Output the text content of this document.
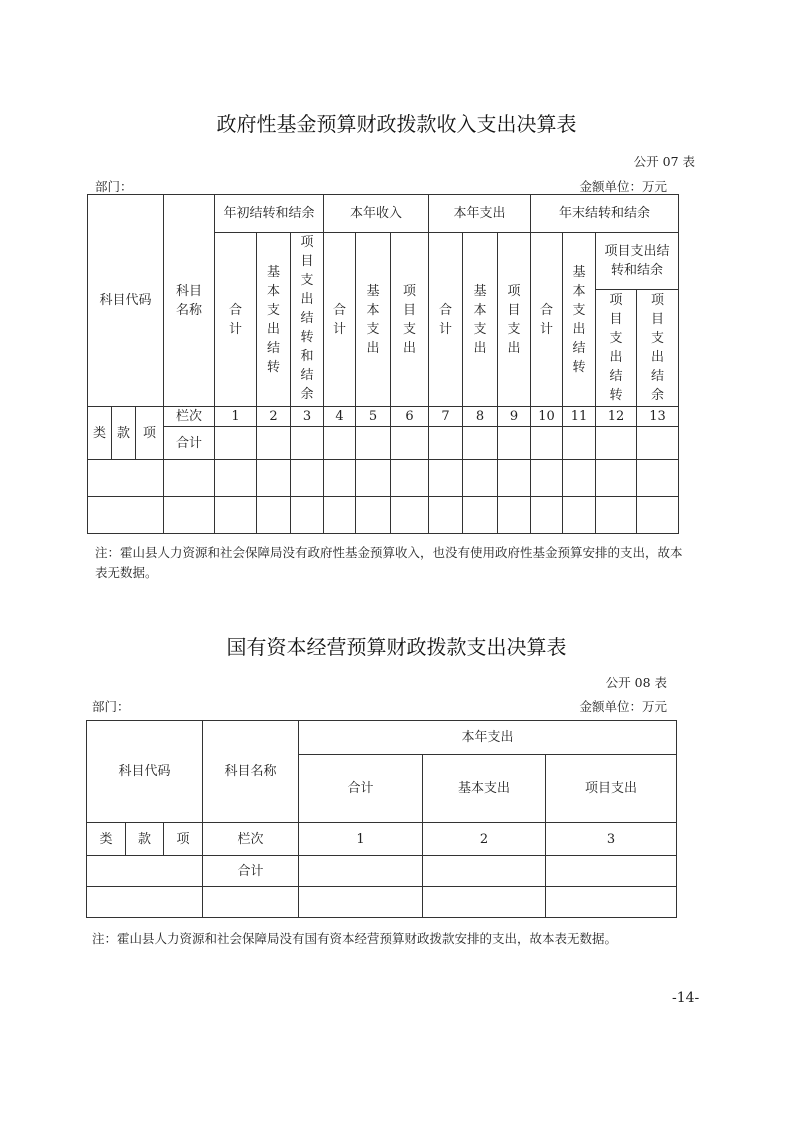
政府性基金预算财政拨款收入支出决算表
公开 07 表
部门：	金额单位：万元
科目代码			科目名称	年初结转和结余			本年收入			本年支出			年末结转和结余			
				合计	基本支出结转	项目支出结转和结余	合计	基本支出	项目支出	合计	基本支出	项目支出	合计	基本支出结转	项目支出结转和结余	
															项目支出结转	项目支出结余
类	款	项	栏次	1	2	3	4	5	6	7	8	9	10	11	12	13
			合计													

注：霍山县人力资源和社会保障局没有政府性基金预算收入，也没有使用政府性基金预算安排的支出，故本表无数据。
国有资本经营预算财政拨款支出决算表
公开 08 表
部门：	金额单位：万元
科目代码			科目名称	本年支出		
				合计	基本支出	项目支出
类	款	项	栏次	1	2	3
			合计			

注：霍山县人力资源和社会保障局没有国有资本经营预算财政拨款安排的支出，故本表无数据。
-14-
